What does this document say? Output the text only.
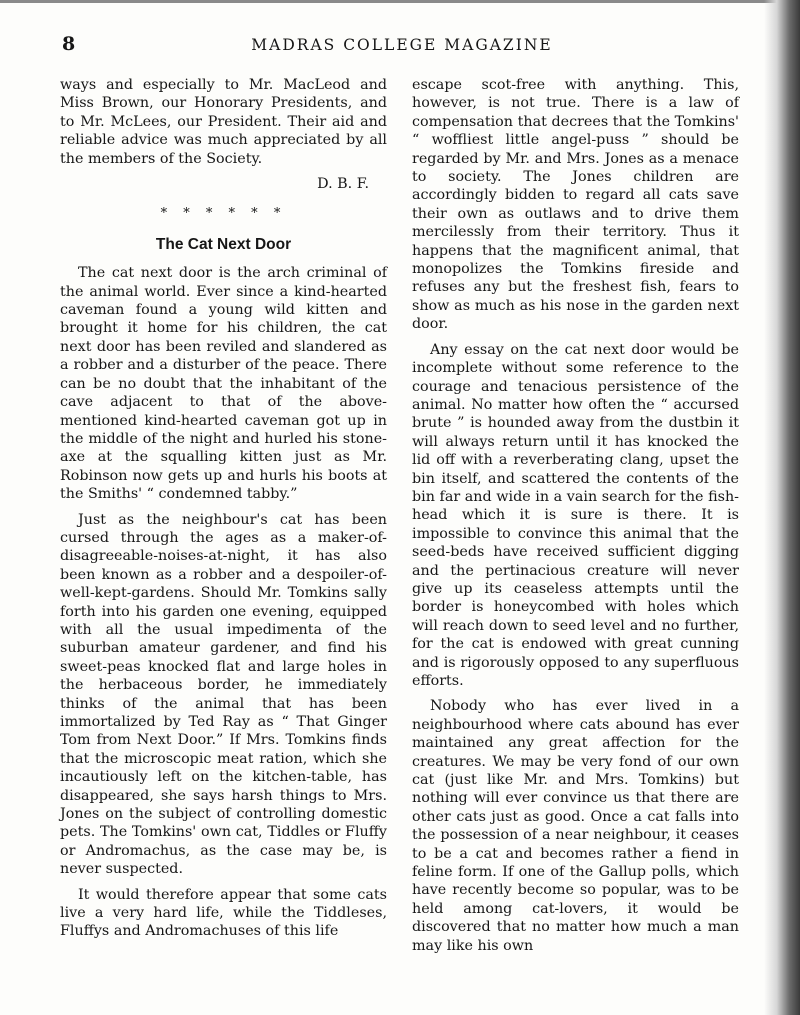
8	MADRAS COLLEGE MAGAZINE

ways and especially to Mr. MacLeod and Miss Brown, our Honorary Presidents, and to Mr. McLees, our President. Their aid and reliable advice was much appreciated by all the members of the Society.

D. B. F.
* * * * * *
The Cat Next Door

The cat next door is the arch criminal of the animal world. Ever since a kind-hearted caveman found a young wild kitten and brought it home for his children, the cat next door has been reviled and slandered as a robber and a disturber of the peace. There can be no doubt that the inhabitant of the cave adjacent to that of the above-mentioned kind-hearted caveman got up in the middle of the night and hurled his stone-axe at the squalling kitten just as Mr. Robinson now gets up and hurls his boots at the Smiths' “ condemned tabby.”

Just as the neighbour's cat has been cursed through the ages as a maker-of-disagreeable-noises-at-night, it has also been known as a robber and a despoiler-of-well-kept-gardens. Should Mr. Tomkins sally forth into his garden one evening, equipped with all the usual impedimenta of the suburban amateur gardener, and find his sweet-peas knocked flat and large holes in the herbaceous border, he immediately thinks of the animal that has been immortalized by Ted Ray as “ That Ginger Tom from Next Door.” If Mrs. Tomkins finds that the microscopic meat ration, which she incautiously left on the kitchen-table, has disappeared, she says harsh things to Mrs. Jones on the subject of controlling domestic pets. The Tomkins' own cat, Tiddles or Fluffy or Andromachus, as the case may be, is never suspected.

It would therefore appear that some cats live a very hard life, while the Tiddleses, Fluffys and Andromachuses of this life

escape scot-free with anything. This, however, is not true. There is a law of compensation that decrees that the Tomkins' “ woffliest little angel-puss ” should be regarded by Mr. and Mrs. Jones as a menace to society. The Jones children are accordingly bidden to regard all cats save their own as outlaws and to drive them mercilessly from their territory. Thus it happens that the magnificent animal, that monopolizes the Tomkins fireside and refuses any but the freshest fish, fears to show as much as his nose in the garden next door.

Any essay on the cat next door would be incomplete without some reference to the courage and tenacious persistence of the animal. No matter how often the “ accursed brute ” is hounded away from the dustbin it will always return until it has knocked the lid off with a reverberating clang, upset the bin itself, and scattered the contents of the bin far and wide in a vain search for the fish-head which it is sure is there. It is impossible to convince this animal that the seed-beds have received sufficient digging and the pertinacious creature will never give up its ceaseless attempts until the border is honeycombed with holes which will reach down to seed level and no further, for the cat is endowed with great cunning and is rigorously opposed to any superfluous efforts.

Nobody who has ever lived in a neighbourhood where cats abound has ever maintained any great affection for the creatures. We may be very fond of our own cat (just like Mr. and Mrs. Tomkins) but nothing will ever convince us that there are other cats just as good. Once a cat falls into the possession of a near neighbour, it ceases to be a cat and becomes rather a fiend in feline form. If one of the Gallup polls, which have recently become so popular, was to be held among cat-lovers, it would be discovered that no matter how much a man may like his own
